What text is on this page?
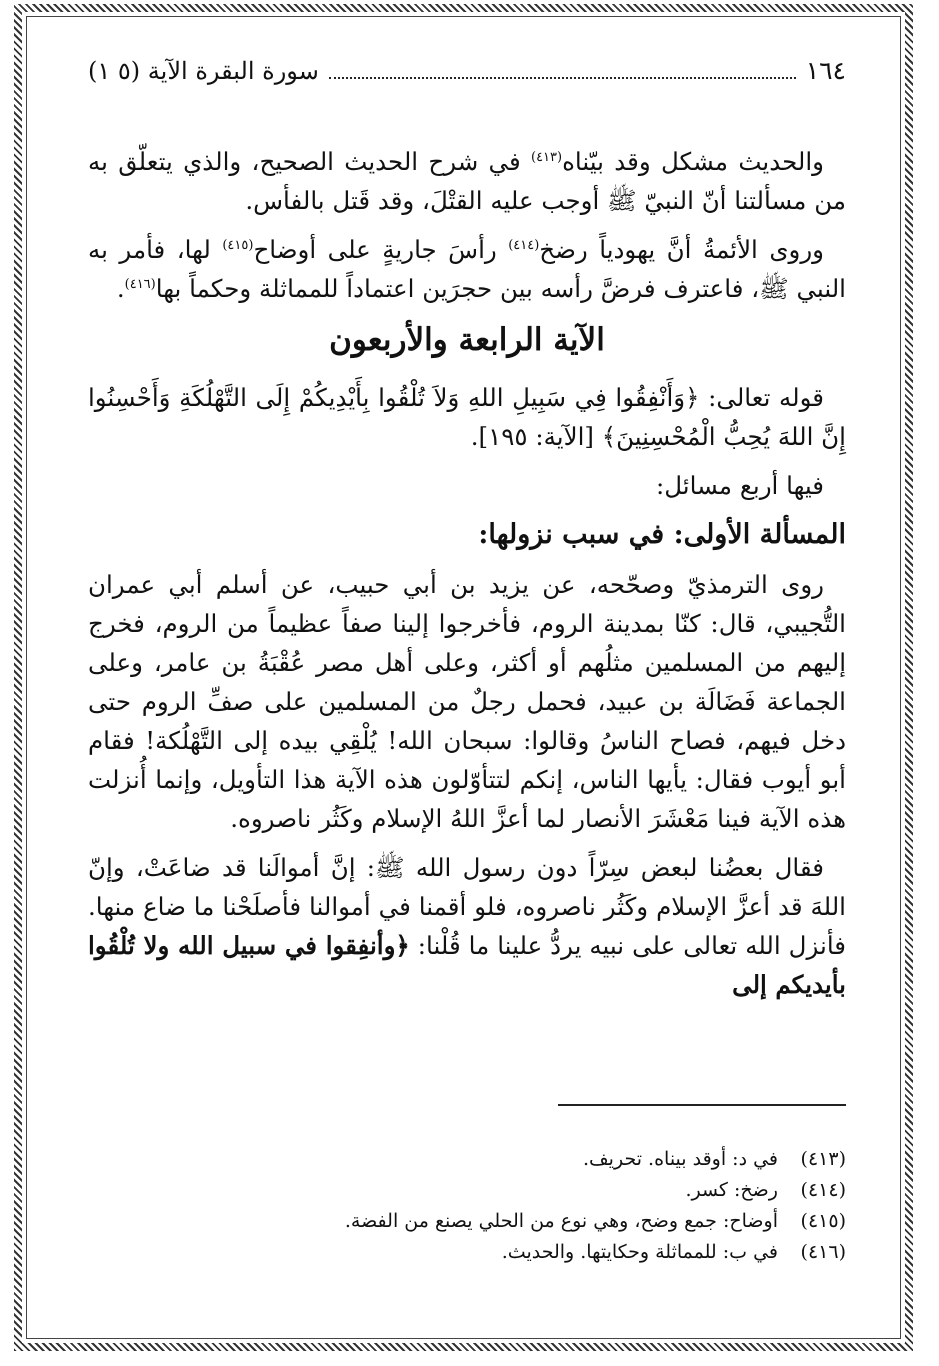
١٦٤
سورة البقرة الآية (٥ ١)

والحديث مشكل وقد بيّناه$^{(٤١٣)}$ في شرح الحديث الصحيح، والذي يتعلّق به من مسألتنا أنّ النبيّ ﷺ أوجب عليه القتْلَ، وقد قَتل بالفأس.

وروى الأئمةُ أنَّ يهودياً رضخ$^{(٤١٤)}$ رأسَ جاريةٍ على أوضاح$^{(٤١٥)}$ لها، فأمر به النبي ﷺ، فاعترف فرضَّ رأسه بين حجرَين اعتماداً للمماثلة وحكماً بها$^{(٤١٦)}$.

الآية الرابعة والأربعون

قوله تعالى: ﴿وَأَنْفِقُوا فِي سَبِيلِ اللهِ وَلاَ تُلْقُوا بِأَيْدِيكُمْ إِلَى التَّهْلُكَةِ وَأَحْسِنُوا إِنَّ اللهَ يُحِبُّ الْمُحْسِنِينَ﴾ [الآية: ١٩٥].

فيها أربع مسائل:

المسألة الأولى: في سبب نزولها:

روى الترمذيّ وصحّحه، عن يزيد بن أبي حبيب، عن أسلم أبي عمران التُّجيبي، قال: كنّا بمدينة الروم، فأخرجوا إلينا صفاً عظيماً من الروم، فخرج إليهم من المسلمين مثلُهم أو أكثر، وعلى أهل مصر عُقْبَةُ بن عامر، وعلى الجماعة فَضَالَة بن عبيد، فحمل رجلٌ من المسلمين على صفِّ الروم حتى دخل فيهم، فصاح الناسُ وقالوا: سبحان الله! يُلْقِي بيده إلى التَّهْلُكة! فقام أبو أيوب فقال: يأيها الناس، إنكم لتتأوّلون هذه الآية هذا التأويل، وإنما أُنزلت هذه الآية فينا مَعْشَرَ الأنصار لما أعزَّ اللهُ الإسلام وكَثُر ناصروه.

فقال بعضُنا لبعض سِرّاً دون رسول الله ﷺ: إنَّ أموالَنا قد ضاعَتْ، وإنّ اللهَ قد أعزَّ الإسلام وكَثُر ناصروه، فلو أقمنا في أموالنا فأصلَحْنا ما ضاع منها. فأنزل الله تعالى على نبيه يردُّ علينا ما قُلْنا: ﴿وأنفِقوا في سبيل الله ولا تُلْقُوا بأيديكم إلى

(٤١٣)
في د: أوقد بيناه. تحريف.
(٤١٤)
رضخ: كسر.
(٤١٥)
أوضاح: جمع وضح، وهي نوع من الحلي يصنع من الفضة.
(٤١٦)
في ب: للمماثلة وحكايتها. والحديث.
